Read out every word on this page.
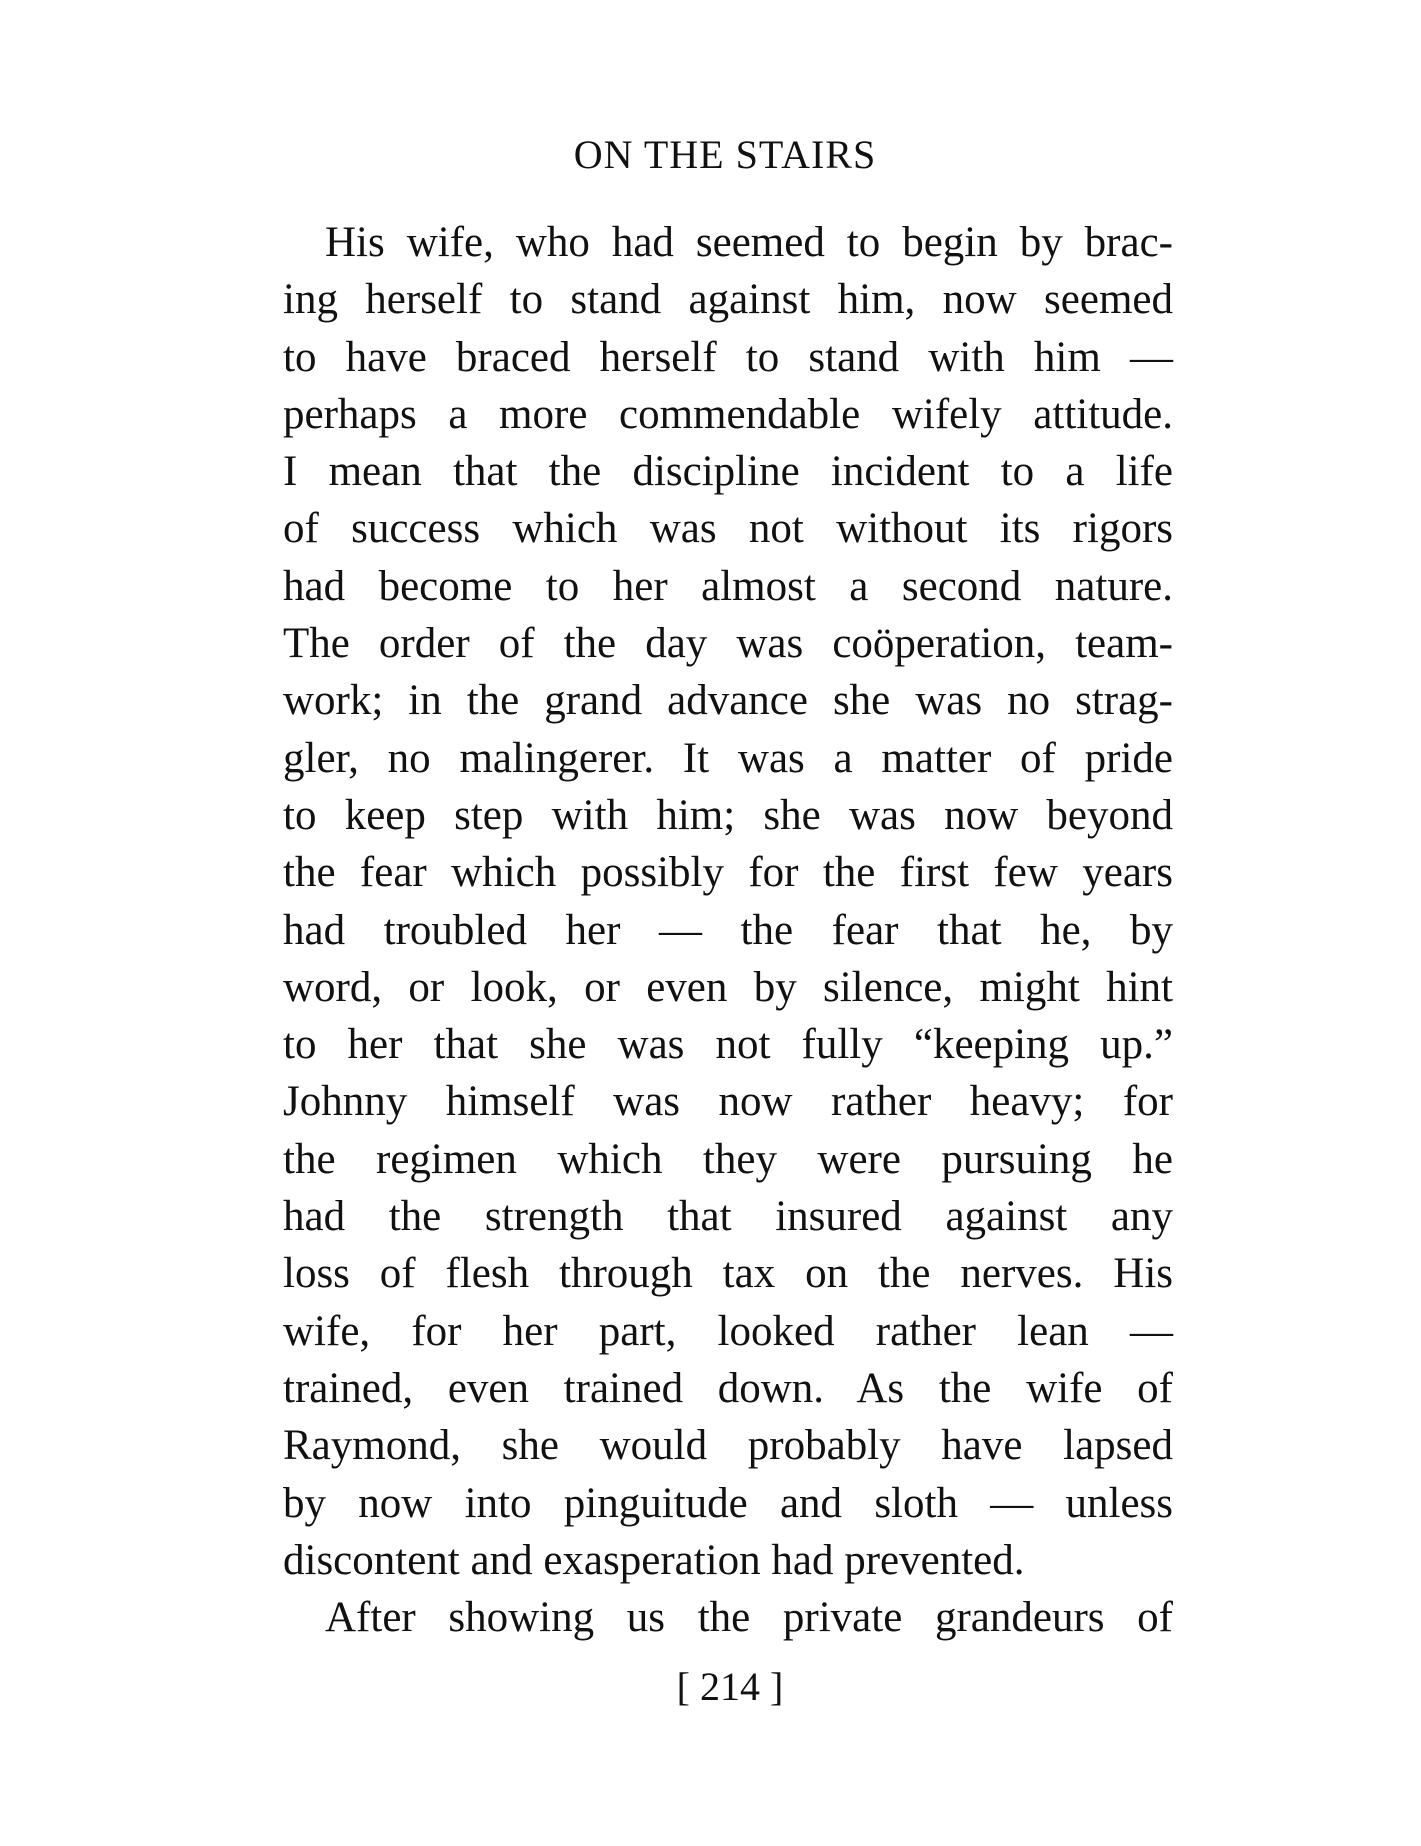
ON THE STAIRS
His wife, who had seemed to begin by brac-
ing herself to stand against him, now seemed
to have braced herself to stand with him —
perhaps a more commendable wifely attitude.
I mean that the discipline incident to a life
of success which was not without its rigors
had become to her almost a second nature.
The order of the day was coöperation, team-
work; in the grand advance she was no strag-
gler, no malingerer. It was a matter of pride
to keep step with him; she was now beyond
the fear which possibly for the first few years
had troubled her — the fear that he, by
word, or look, or even by silence, might hint
to her that she was not fully “keeping up.”
Johnny himself was now rather heavy; for
the regimen which they were pursuing he
had the strength that insured against any
loss of flesh through tax on the nerves. His
wife, for her part, looked rather lean —
trained, even trained down. As the wife of
Raymond, she would probably have lapsed
by now into pinguitude and sloth — unless
discontent and exasperation had prevented.
After showing us the private grandeurs of
[ 214 ]
